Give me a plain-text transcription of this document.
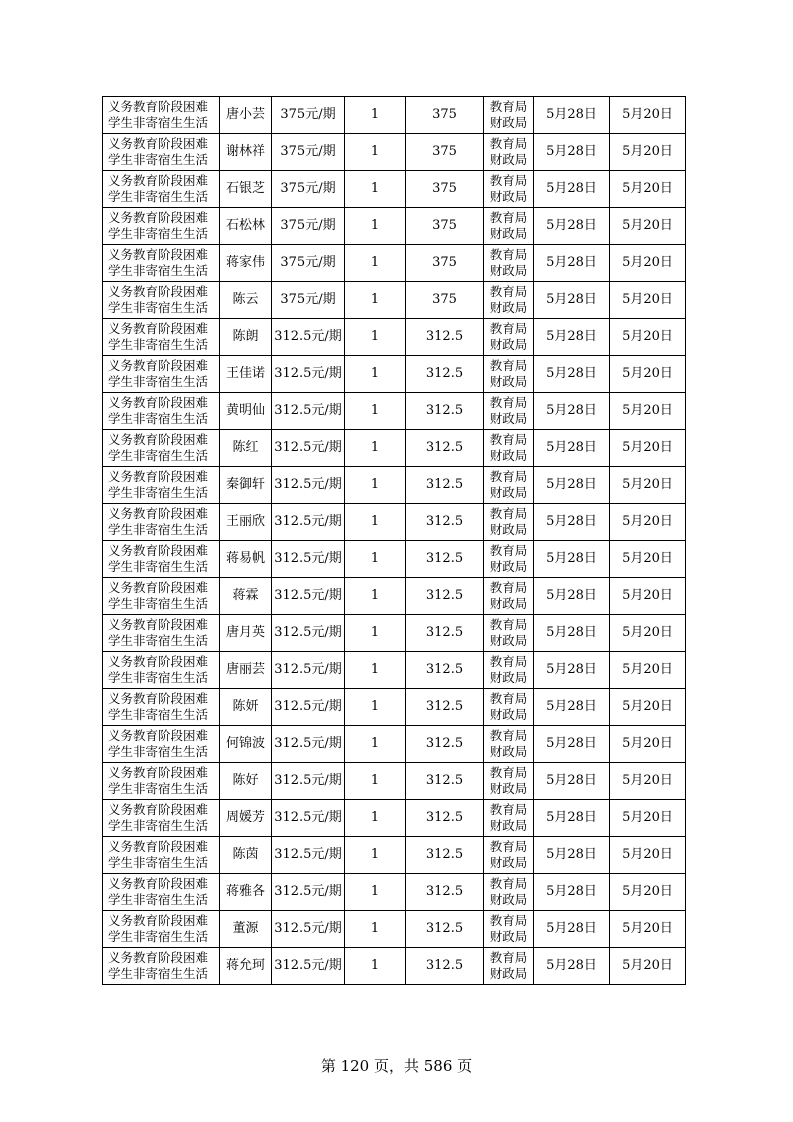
义务教育阶段困难学生非寄宿生生活	唐小芸	375元/期	1	375	教育局财政局	5月28日	5月20日
义务教育阶段困难学生非寄宿生生活	谢林祥	375元/期	1	375	教育局财政局	5月28日	5月20日
义务教育阶段困难学生非寄宿生生活	石银芝	375元/期	1	375	教育局财政局	5月28日	5月20日
义务教育阶段困难学生非寄宿生生活	石松林	375元/期	1	375	教育局财政局	5月28日	5月20日
义务教育阶段困难学生非寄宿生生活	蒋家伟	375元/期	1	375	教育局财政局	5月28日	5月20日
义务教育阶段困难学生非寄宿生生活	陈云	375元/期	1	375	教育局财政局	5月28日	5月20日
义务教育阶段困难学生非寄宿生生活	陈朗	312.5元/期	1	312.5	教育局财政局	5月28日	5月20日
义务教育阶段困难学生非寄宿生生活	王佳诺	312.5元/期	1	312.5	教育局财政局	5月28日	5月20日
义务教育阶段困难学生非寄宿生生活	黄明仙	312.5元/期	1	312.5	教育局财政局	5月28日	5月20日
义务教育阶段困难学生非寄宿生生活	陈红	312.5元/期	1	312.5	教育局财政局	5月28日	5月20日
义务教育阶段困难学生非寄宿生生活	秦御轩	312.5元/期	1	312.5	教育局财政局	5月28日	5月20日
义务教育阶段困难学生非寄宿生生活	王丽欣	312.5元/期	1	312.5	教育局财政局	5月28日	5月20日
义务教育阶段困难学生非寄宿生生活	蒋易帆	312.5元/期	1	312.5	教育局财政局	5月28日	5月20日
义务教育阶段困难学生非寄宿生生活	蒋霖	312.5元/期	1	312.5	教育局财政局	5月28日	5月20日
义务教育阶段困难学生非寄宿生生活	唐月英	312.5元/期	1	312.5	教育局财政局	5月28日	5月20日
义务教育阶段困难学生非寄宿生生活	唐丽芸	312.5元/期	1	312.5	教育局财政局	5月28日	5月20日
义务教育阶段困难学生非寄宿生生活	陈妍	312.5元/期	1	312.5	教育局财政局	5月28日	5月20日
义务教育阶段困难学生非寄宿生生活	何锦波	312.5元/期	1	312.5	教育局财政局	5月28日	5月20日
义务教育阶段困难学生非寄宿生生活	陈好	312.5元/期	1	312.5	教育局财政局	5月28日	5月20日
义务教育阶段困难学生非寄宿生生活	周媛芳	312.5元/期	1	312.5	教育局财政局	5月28日	5月20日
义务教育阶段困难学生非寄宿生生活	陈茵	312.5元/期	1	312.5	教育局财政局	5月28日	5月20日
义务教育阶段困难学生非寄宿生生活	蒋雅各	312.5元/期	1	312.5	教育局财政局	5月28日	5月20日
义务教育阶段困难学生非寄宿生生活	董源	312.5元/期	1	312.5	教育局财政局	5月28日	5月20日
义务教育阶段困难学生非寄宿生生活	蒋允珂	312.5元/期	1	312.5	教育局财政局	5月28日	5月20日
第 120 页，共 586 页
